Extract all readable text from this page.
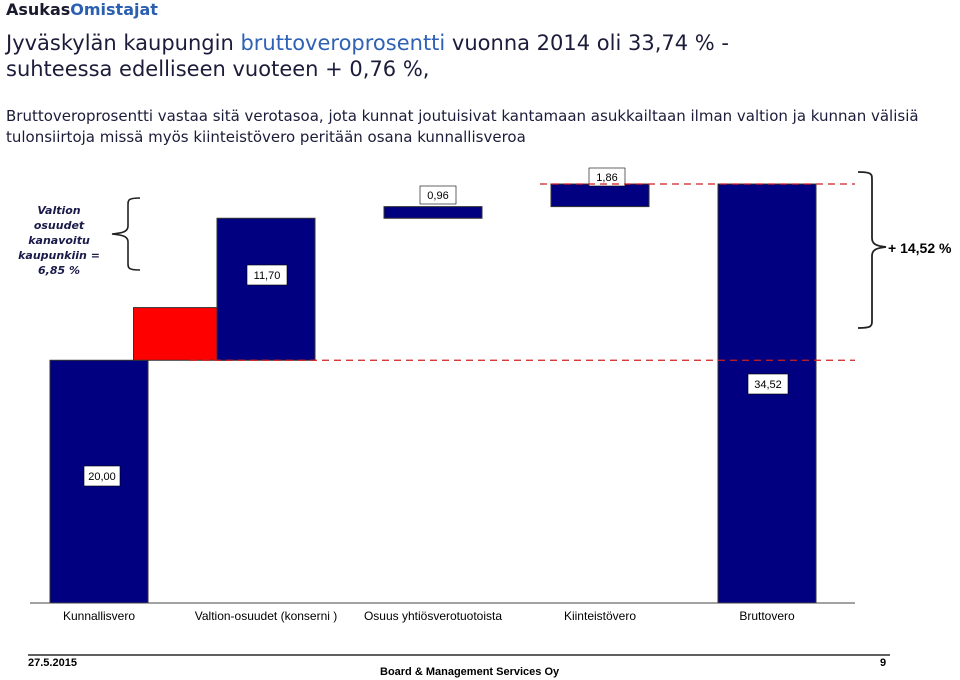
AsukasOmistajat
Jyväskylän kaupungin bruttoveroprosentti vuonna 2014 oli 33,74 % -
suhteessa edelliseen vuoteen + 0,76 %,
Bruttoveroprosentti vastaa sitä verotasoa, jota kunnat joutuisivat kantamaan asukkailtaan ilman valtion ja kunnan välisiä tulonsiirtoja missä myös kiinteistövero peritään osana kunnallisveroa
20,00
11,70
0,96
1,86
34,52
+ 14,52 %
Kunnallisvero	Valtion-osuudet (konserni ) Osuus yhtiösverotuotoista	Kiinteistövero	Bruttovero
Valtion osuudet kanavoitu kaupunkiin = 6,85 %
27.5.2015
Board & Management Services Oy
9
